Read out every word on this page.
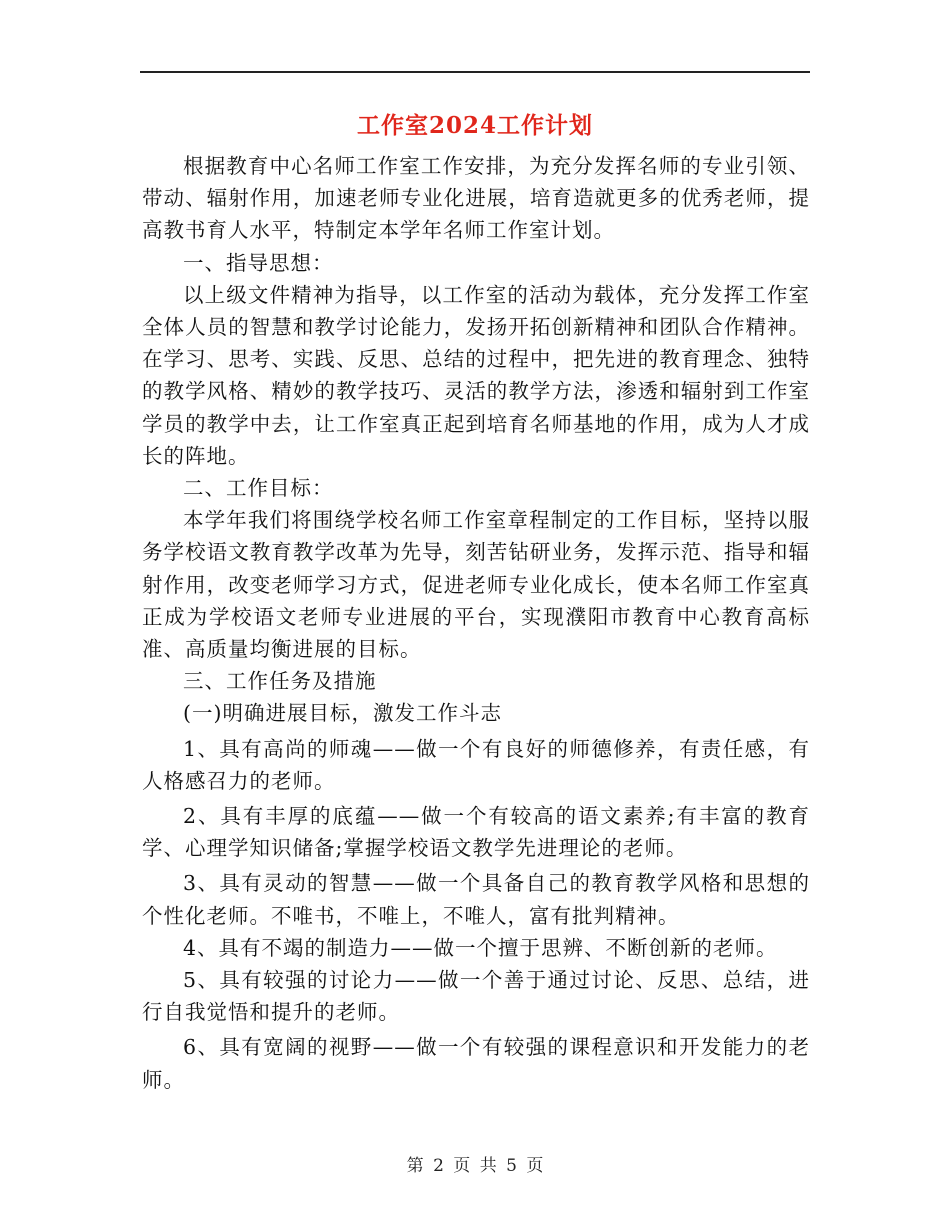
工作室2024工作计划

根据教育中心名师工作室工作安排，为充分发挥名师的专业引领、带动、辐射作用，加速老师专业化进展，培育造就更多的优秀老师，提高教书育人水平，特制定本学年名师工作室计划。

一、指导思想：

以上级文件精神为指导，以工作室的活动为载体，充分发挥工作室全体人员的智慧和教学讨论能力，发扬开拓创新精神和团队合作精神。在学习、思考、实践、反思、总结的过程中，把先进的教育理念、独特的教学风格、精妙的教学技巧、灵活的教学方法，渗透和辐射到工作室学员的教学中去，让工作室真正起到培育名师基地的作用，成为人才成长的阵地。

二、工作目标：

本学年我们将围绕学校名师工作室章程制定的工作目标，坚持以服务学校语文教育教学改革为先导，刻苦钻研业务，发挥示范、指导和辐射作用，改变老师学习方式，促进老师专业化成长，使本名师工作室真正成为学校语文老师专业进展的平台，实现濮阳市教育中心教育高标准、高质量均衡进展的目标。

三、工作任务及措施

(一)明确进展目标，激发工作斗志

1、具有高尚的师魂——做一个有良好的师德修养，有责任感，有人格感召力的老师。

2、具有丰厚的底蕴——做一个有较高的语文素养;有丰富的教育学、心理学知识储备;掌握学校语文教学先进理论的老师。

3、具有灵动的智慧——做一个具备自己的教育教学风格和思想的个性化老师。不唯书，不唯上，不唯人，富有批判精神。

4、具有不竭的制造力——做一个擅于思辨、不断创新的老师。

5、具有较强的讨论力——做一个善于通过讨论、反思、总结，进行自我觉悟和提升的老师。

6、具有宽阔的视野——做一个有较强的课程意识和开发能力的老师。

第 2 页 共 5 页
